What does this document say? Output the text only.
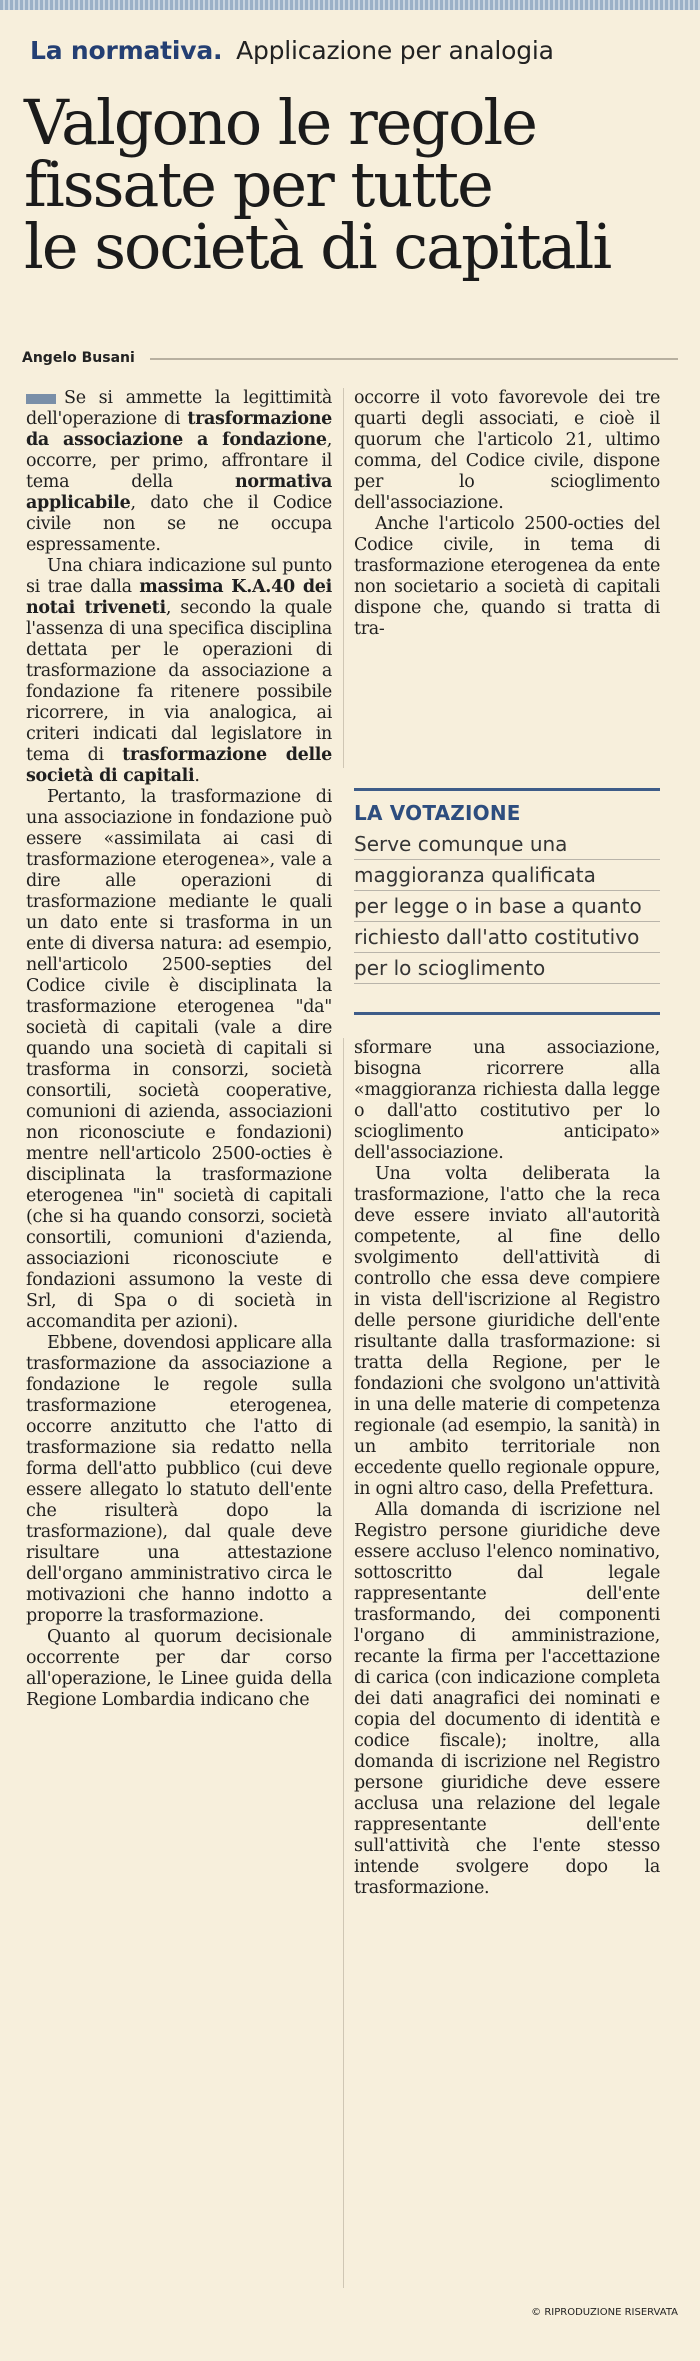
La normativa. Applicazione per analogia
Valgono le regole
fissate per tutte
le società di capitali
Angelo Busani

Se si ammette la legittimità dell'operazione di trasformazione da associazione a fondazione, occorre, per primo, affrontare il tema della normativa applicabile, dato che il Codice civile non se ne occupa espressamente.

Una chiara indicazione sul punto si trae dalla massima K.A.40 dei notai triveneti, secondo la quale l'assenza di una specifica disciplina dettata per le operazioni di trasformazione da associazione a fondazione fa ritenere possibile ricorrere, in via analogica, ai criteri indicati dal legislatore in tema di trasformazione delle società di capitali.

Pertanto, la trasformazione di una associazione in fondazione può essere «assimilata ai casi di trasformazione eterogenea», vale a dire alle operazioni di trasformazione mediante le quali un dato ente si trasforma in un ente di diversa natura: ad esempio, nell'articolo 2500-septies del Codice civile è disciplinata la trasformazione eterogenea "da" società di capitali (vale a dire quando una società di capitali si trasforma in consorzi, società consortili, società cooperative, comunioni di azienda, associazioni non riconosciute e fondazioni) mentre nell'articolo 2500-octies è disciplinata la trasformazione eterogenea "in" società di capitali (che si ha quando consorzi, società consortili, comunioni d'azienda, associazioni riconosciute e fondazioni assumono la veste di Srl, di Spa o di società in accomandita per azioni).

Ebbene, dovendosi applicare alla trasformazione da associazione a fondazione le regole sulla trasformazione eterogenea, occorre anzitutto che l'atto di trasformazione sia redatto nella forma dell'atto pubblico (cui deve essere allegato lo statuto dell'ente che risulterà dopo la trasformazione), dal quale deve risultare una attestazione dell'organo amministrativo circa le motivazioni che hanno indotto a proporre la trasformazione.

Quanto al quorum decisionale occorrente per dar corso all'operazione, le Linee guida della Regione Lombardia indicano che

occorre il voto favorevole dei tre quarti degli associati, e cioè il quorum che l'articolo 21, ultimo comma, del Codice civile, dispone per lo scioglimento dell'associazione.

Anche l'articolo 2500-octies del Codice civile, in tema di trasformazione eterogenea da ente non societario a società di capitali dispone che, quando si tratta di tra-

LA VOTAZIONE
Serve comunque una
maggioranza qualificata
per legge o in base a quanto
richiesto dall'atto costitutivo
per lo scioglimento

sformare una associazione, bisogna ricorrere alla «maggioranza richiesta dalla legge o dall'atto costitutivo per lo scioglimento anticipato» dell'associazione.

Una volta deliberata la trasformazione, l'atto che la reca deve essere inviato all'autorità competente, al fine dello svolgimento dell'attività di controllo che essa deve compiere in vista dell'iscrizione al Registro delle persone giuridiche dell'ente risultante dalla trasformazione: si tratta della Regione, per le fondazioni che svolgono un'attività in una delle materie di competenza regionale (ad esempio, la sanità) in un ambito territoriale non eccedente quello regionale oppure, in ogni altro caso, della Prefettura.

Alla domanda di iscrizione nel Registro persone giuridiche deve essere accluso l'elenco nominativo, sottoscritto dal legale rappresentante dell'ente trasformando, dei componenti l'organo di amministrazione, recante la firma per l'accettazione di carica (con indicazione completa dei dati anagrafici dei nominati e copia del documento di identità e codice fiscale); inoltre, alla domanda di iscrizione nel Registro persone giuridiche deve essere acclusa una relazione del legale rappresentante dell'ente sull'attività che l'ente stesso intende svolgere dopo la trasformazione.

© RIPRODUZIONE RISERVATA
